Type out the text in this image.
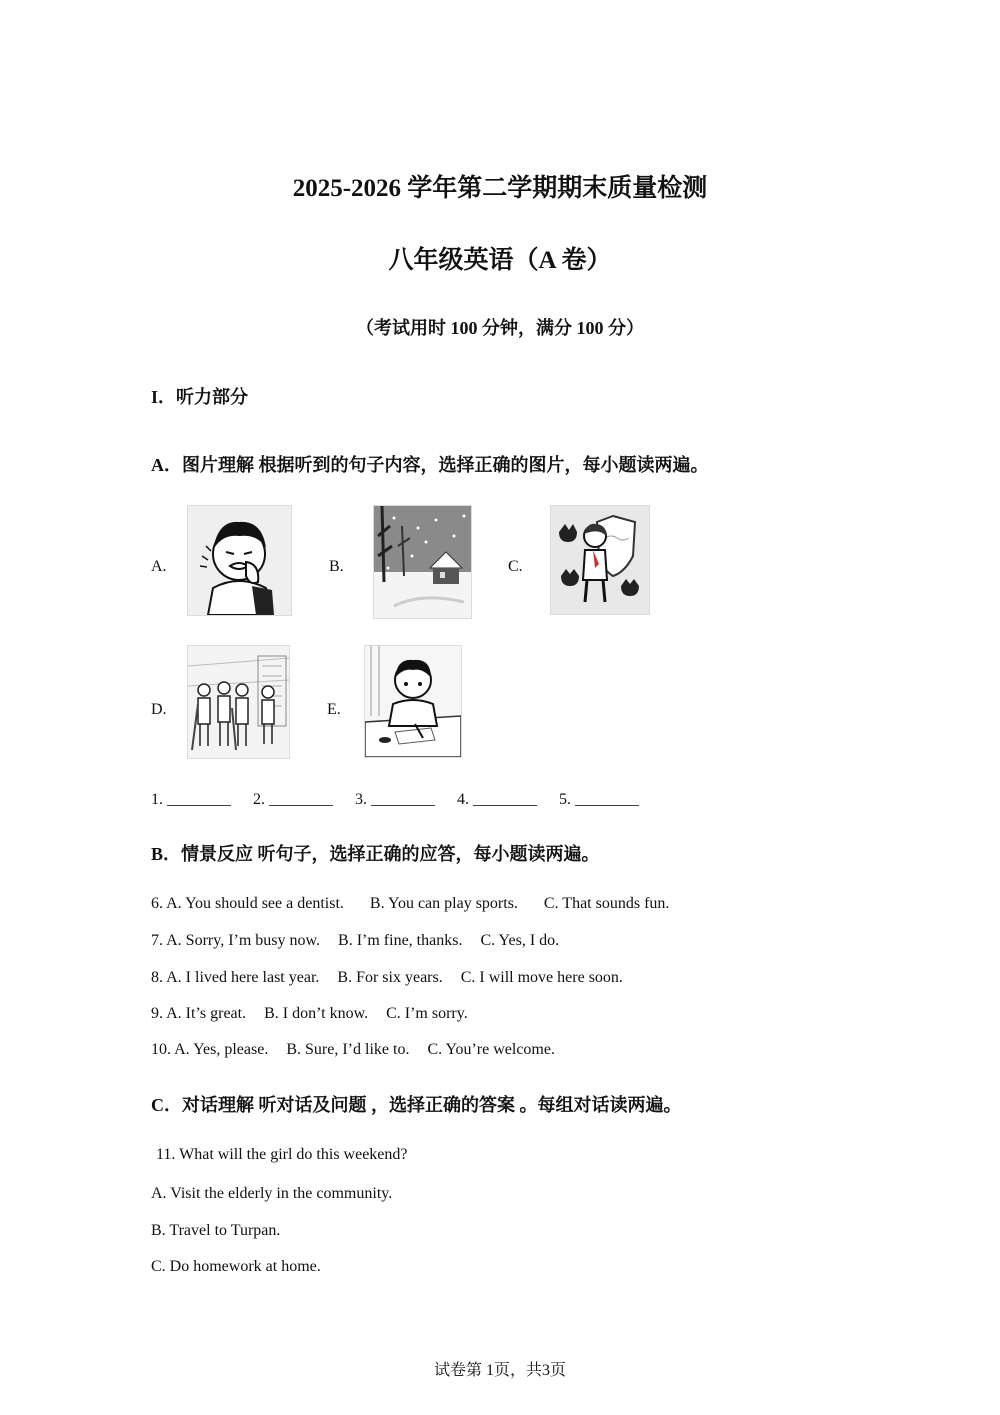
2025-2026 学年第二学期期末质量检测
八年级英语（A 卷）
（考试用时 100 分钟，满分 100 分）
I．听力部分
A．图片理解 根据听到的句子内容，选择正确的图片，每小题读两遍。
A.	B.	C.
D.	E.
1. ________ 2. ________ 3. ________ 4. ________ 5. ________
B．情景反应 听句子，选择正确的应答，每小题读两遍。
6. A. You should see a dentist. B. You can play sports. C. That sounds fun.
7. A. Sorry, I’m busy now. B. I’m fine, thanks. C. Yes, I do.
8. A. I lived here last year. B. For six years. C. I will move here soon.
9. A. It’s great. B. I don’t know. C. I’m sorry.
10. A. Yes, please. B. Sure, I’d like to. C. You’re welcome.
C．对话理解 听对话及问题 ，选择正确的答案 。每组对话读两遍。
11. What will the girl do this weekend?
A. Visit the elderly in the community.
B. Travel to Turpan.
C. Do homework at home.
试卷第 1页，共3页
